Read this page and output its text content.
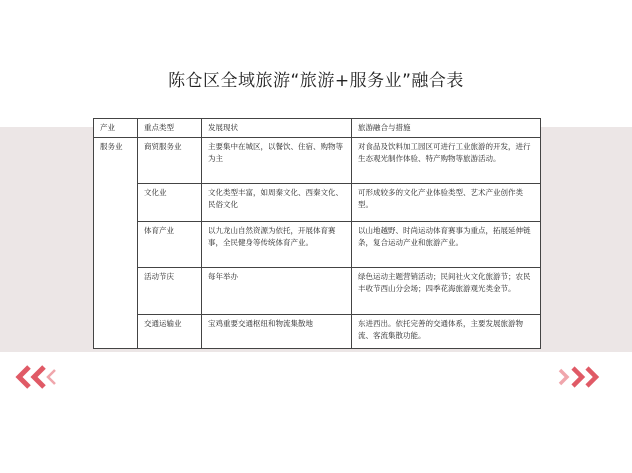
陈仓区全域旅游“旅游+服务业”融合表
产业	重点类型	发展现状	旅游融合与措施
服务业	商贸服务业	主要集中在城区，以餐饮、住宿、购物等为主	对食品及饮料加工园区可进行工业旅游的开发，进行生态观光制作体验、特产购物等旅游活动。
	文化业	文化类型丰富，如周秦文化、西秦文化、民俗文化	可形成较多的文化产业体验类型、艺术产业创作类型。
	体育产业	以九龙山自然资源为依托，开展体育赛事，全民健身等传统体育产业。	以山地越野、时尚运动体育赛事为重点，拓展延伸链条，复合运动产业和旅游产业。
	活动节庆	每年举办	绿色运动主题营销活动；民间社火文化旅游节；农民丰收节西山分会场；四季花海旅游观光类金节。
	交通运输业	宝鸡重要交通枢纽和物流集散地	东进西出。依托完善的交通体系，主要发展旅游物流、客流集散功能。
